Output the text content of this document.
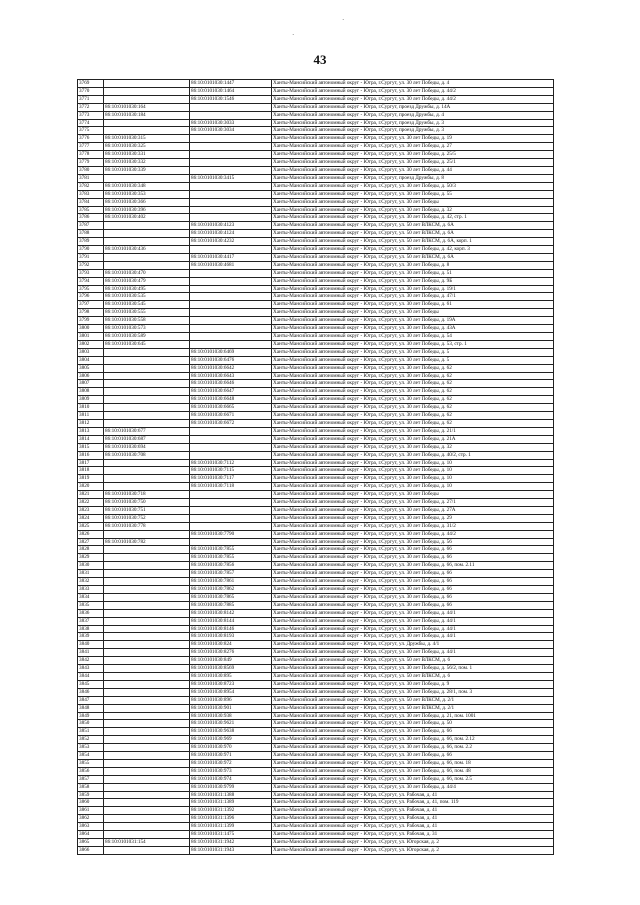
43
·
·
3769		86:10:0101030:1447	Ханты-Мансийский автономный округ - Югра, г.Сургут, ул. 30 лет Победы, д. 4
3770		86:10:0101030:1464	Ханты-Мансийский автономный округ - Югра, г.Сургут, ул. 30 лет Победы, д. 44/2
3771		86:10:0101030:1546	Ханты-Мансийский автономный округ - Югра, г.Сургут, ул. 30 лет Победы, д. 44/2
3772	86:10:0101030:164		Ханты-Мансийский автономный округ - Югра, г.Сургут, проезд Дружбы, д. 14А
3773	86:10:0101030:184		Ханты-Мансийский автономный округ - Югра, г.Сургут, проезд Дружбы, д. 4
3774		86:10:0101030:3033	Ханты-Мансийский автономный округ - Югра, г.Сургут, проезд Дружбы, д. 3
3775		86:10:0101030:3034	Ханты-Мансийский автономный округ - Югра, г.Сургут, проезд Дружбы, д. 3
3776	86:10:0101030:315		Ханты-Мансийский автономный округ - Югра, г.Сургут, ул. 30 лет Победы, д. 19
3777	86:10:0101030:325		Ханты-Мансийский автономный округ - Югра, г.Сургут, ул. 30 лет Победы, д. 27
3778	86:10:0101030:331		Ханты-Мансийский автономный округ - Югра, г.Сургут, ул. 30 лет Победы, д. 25/5
3779	86:10:0101030:332		Ханты-Мансийский автономный округ - Югра, г.Сургут, ул. 30 лет Победы, д. 25/1
3780	86:10:0101030:339		Ханты-Мансийский автономный округ - Югра, г.Сургут, ул. 30 лет Победы, д. 44
3781		86:10:0101030:3415	Ханты-Мансийский автономный округ - Югра, г.Сургут, проезд Дружбы, д. 8
3782	86:10:0101030:348		Ханты-Мансийский автономный округ - Югра, г.Сургут, ул. 30 лет Победы, д. 50/3
3783	86:10:0101030:353		Ханты-Мансийский автономный округ - Югра, г.Сургут, ул. 30 лет Победы, д. 55
3784	86:10:0101030:366		Ханты-Мансийский автономный округ - Югра, г.Сургут, ул. 30 лет Победы
3785	86:10:0101030:396		Ханты-Мансийский автономный округ - Югра, г.Сургут, ул. 30 лет Победы, д. 32
3786	86:10:0101030:402		Ханты-Мансийский автономный округ - Югра, г.Сургут, ул. 30 лет Победы, д. 42, стр. 1
3787		86:10:0101030:4123	Ханты-Мансийский автономный округ - Югра, г.Сургут, ул. 50 лет ВЛКСМ, д. 6А
3788		86:10:0101030:4124	Ханты-Мансийский автономный округ - Югра, г.Сургут, ул. 50 лет ВЛКСМ, д. 6А
3789		86:10:0101030:4232	Ханты-Мансийский автономный округ - Югра, г.Сургут, ул. 50 лет ВЛКСМ, д. 6А, корп. 1
3790	86:10:0101030:436		Ханты-Мансийский автономный округ - Югра, г.Сургут, ул. 30 лет Победы, д. 42, корп. 3
3791		86:10:0101030:4417	Ханты-Мансийский автономный округ - Югра, г.Сургут, ул. 50 лет ВЛКСМ, д. 6А
3792		86:10:0101030:4681	Ханты-Мансийский автономный округ - Югра, г.Сургут, ул. 30 лет Победы, д. 8
3793	86:10:0101030:470		Ханты-Мансийский автономный округ - Югра, г.Сургут, ул. 30 лет Победы, д. 51
3794	86:10:0101030:479		Ханты-Мансийский автономный округ - Югра, г.Сургут, ул. 30 лет Победы, д. 9Б
3795	86:10:0101030:495		Ханты-Мансийский автономный округ - Югра, г.Сургут, ул. 30 лет Победы, д. 19/1
3796	86:10:0101030:535		Ханты-Мансийский автономный округ - Югра, г.Сургут, ул. 30 лет Победы, д. 47/1
3797	86:10:0101030:545		Ханты-Мансийский автономный округ - Югра, г.Сургут, ул. 30 лет Победы, д. 61
3798	86:10:0101030:555		Ханты-Мансийский автономный округ - Югра, г.Сургут, ул. 30 лет Победы
3799	86:10:0101030:558		Ханты-Мансийский автономный округ - Югра, г.Сургут, ул. 30 лет Победы, д. 19А
3800	86:10:0101030:573		Ханты-Мансийский автономный округ - Югра, г.Сургут, ул. 30 лет Победы, д. 43А
3801	86:10:0101030:589		Ханты-Мансийский автономный округ - Югра, г.Сургут, ул. 30 лет Победы, д. 54
3802	86:10:0101030:645		Ханты-Мансийский автономный округ - Югра, г.Сургут, ул. 30 лет Победы, д. 53, стр. 1
3803		86:10:0101030:6469	Ханты-Мансийский автономный округ - Югра, г.Сургут, ул. 30 лет Победы, д. 5
3804		86:10:0101030:6476	Ханты-Мансийский автономный округ - Югра, г.Сургут, ул. 30 лет Победы, д. 5
3805		86:10:0101030:6642	Ханты-Мансийский автономный округ - Югра, г.Сургут, ул. 30 лет Победы, д. 62
3806		86:10:0101030:6643	Ханты-Мансийский автономный округ - Югра, г.Сургут, ул. 30 лет Победы, д. 62
3807		86:10:0101030:6646	Ханты-Мансийский автономный округ - Югра, г.Сургут, ул. 30 лет Победы, д. 62
3808		86:10:0101030:6647	Ханты-Мансийский автономный округ - Югра, г.Сургут, ул. 30 лет Победы, д. 62
3809		86:10:0101030:6648	Ханты-Мансийский автономный округ - Югра, г.Сургут, ул. 30 лет Победы, д. 62
3810		86:10:0101030:6665	Ханты-Мансийский автономный округ - Югра, г.Сургут, ул. 30 лет Победы, д. 62
3811		86:10:0101030:6671	Ханты-Мансийский автономный округ - Югра, г.Сургут, ул. 30 лет Победы, д. 62
3812		86:10:0101030:6672	Ханты-Мансийский автономный округ - Югра, г.Сургут, ул. 30 лет Победы, д. 62
3813	86:10:0101030:677		Ханты-Мансийский автономный округ - Югра, г.Сургут, ул. 30 лет Победы, д. 21/1
3814	86:10:0101030:687		Ханты-Мансийский автономный округ - Югра, г.Сургут, ул. 30 лет Победы, д. 21А
3815	86:10:0101030:694		Ханты-Мансийский автономный округ - Югра, г.Сургут, ул. 30 лет Победы, д. 32
3816	86:10:0101030:708		Ханты-Мансийский автономный округ - Югра, г.Сургут, ул. 30 лет Победы, д. 40/2, стр. 1
3817		86:10:0101030:7112	Ханты-Мансийский автономный округ - Югра, г.Сургут, ул. 30 лет Победы, д. 10
3818		86:10:0101030:7115	Ханты-Мансийский автономный округ - Югра, г.Сургут, ул. 30 лет Победы, д. 10
3819		86:10:0101030:7117	Ханты-Мансийский автономный округ - Югра, г.Сургут, ул. 30 лет Победы, д. 10
3820		86:10:0101030:7118	Ханты-Мансийский автономный округ - Югра, г.Сургут, ул. 30 лет Победы, д. 10
3821	86:10:0101030:718		Ханты-Мансийский автономный округ - Югра, г.Сургут, ул. 30 лет Победы
3822	86:10:0101030:750		Ханты-Мансийский автономный округ - Югра, г.Сургут, ул. 30 лет Победы, д. 27/1
3823	86:10:0101030:751		Ханты-Мансийский автономный округ - Югра, г.Сургут, ул. 30 лет Победы, д. 27А
3824	86:10:0101030:752		Ханты-Мансийский автономный округ - Югра, г.Сургут, ул. 30 лет Победы, д. 29
3825	86:10:0101030:778		Ханты-Мансийский автономный округ - Югра, г.Сургут, ул. 30 лет Победы, д. 31/2
3826		86:10:0101030:7790	Ханты-Мансийский автономный округ - Югра, г.Сургут, ул. 30 лет Победы, д. 44/2
3827	86:10:0101030:782		Ханты-Мансийский автономный округ - Югра, г.Сургут, ул. 30 лет Победы, д. 56
3828		86:10:0101030:7855	Ханты-Мансийский автономный округ - Югра, г.Сургут, ул. 30 лет Победы, д. 66
3829		86:10:0101030:7855	Ханты-Мансийский автономный округ - Югра, г.Сургут, ул. 30 лет Победы, д. 66
3830		86:10:0101030:7856	Ханты-Мансийский автономный округ - Югра, г.Сургут, ул. 30 лет Победы, д. 66, пом. 2.11
3831		86:10:0101030:7857	Ханты-Мансийский автономный округ - Югра, г.Сургут, ул. 30 лет Победы, д. 66
3832		86:10:0101030:7861	Ханты-Мансийский автономный округ - Югра, г.Сургут, ул. 30 лет Победы, д. 66
3833		86:10:0101030:7862	Ханты-Мансийский автономный округ - Югра, г.Сургут, ул. 30 лет Победы, д. 66
3834		86:10:0101030:7865	Ханты-Мансийский автономный округ - Югра, г.Сургут, ул. 30 лет Победы, д. 66
3835		86:10:0101030:7885	Ханты-Мансийский автономный округ - Югра, г.Сургут, ул. 30 лет Победы, д. 66
3836		86:10:0101030:8142	Ханты-Мансийский автономный округ - Югра, г.Сургут, ул. 30 лет Победы, д. 44/1
3837		86:10:0101030:8144	Ханты-Мансийский автономный округ - Югра, г.Сургут, ул. 30 лет Победы, д. 44/1
3838		86:10:0101030:8146	Ханты-Мансийский автономный округ - Югра, г.Сургут, ул. 30 лет Победы, д. 44/1
3839		86:10:0101030:8193	Ханты-Мансийский автономный округ - Югра, г.Сургут, ул. 30 лет Победы, д. 44/1
3840		86:10:0101030:824	Ханты-Мансийский автономный округ - Югра, г.Сургут, ул. Дружбы, д. 4/1
3841		86:10:0101030:8276	Ханты-Мансийский автономный округ - Югра, г.Сургут, ул. 30 лет Победы, д. 44/1
3842		86:10:0101030:849	Ханты-Мансийский автономный округ - Югра, г.Сургут, ул. 50 лет ВЛКСМ, д. 6
3843		86:10:0101030:8569	Ханты-Мансийский автономный округ - Югра, г.Сургут, ул. 30 лет Победы, д. 56/2, пом. 1
3844		86:10:0101030:895	Ханты-Мансийский автономный округ - Югра, г.Сургут, ул. 50 лет ВЛКСМ, д. 6
3845		86:10:0101030:8723	Ханты-Мансийский автономный округ - Югра, г.Сургут, ул. 30 лет Победы, д. 9
3846		86:10:0101030:8954	Ханты-Мансийский автономный округ - Югра, г.Сургут, ул. 30 лет Победы, д. 28/1, пом. 3
3847		86:10:0101030:896	Ханты-Мансийский автономный округ - Югра, г.Сургут, ул. 50 лет ВЛКСМ, д. 2/1
3848		86:10:0101030:901	Ханты-Мансийский автономный округ - Югра, г.Сургут, ул. 50 лет ВЛКСМ, д. 2/1
3849		86:10:0101030:938	Ханты-Мансийский автономный округ - Югра, г.Сургут, ул. 30 лет Победы, д. 21, пом. 1001
3850		86:10:0101030:9621	Ханты-Мансийский автономный округ - Югра, г.Сургут, ул. 30 лет Победы, д. 50
3851		86:10:0101030:9638	Ханты-Мансийский автономный округ - Югра, г.Сургут, ул. 30 лет Победы, д. 66
3852		86:10:0101030:969	Ханты-Мансийский автономный округ - Югра, г.Сургут, ул. 30 лет Победы, д. 66, пом. 2.12
3853		86:10:0101030:970	Ханты-Мансийский автономный округ - Югра, г.Сургут, ул. 30 лет Победы, д. 66, пом. 2.2
3854		86:10:0101030:971	Ханты-Мансийский автономный округ - Югра, г.Сургут, ул. 30 лет Победы, д. 66
3855		86:10:0101030:972	Ханты-Мансийский автономный округ - Югра, г.Сургут, ул. 30 лет Победы, д. 66, пом. 18
3856		86:10:0101030:973	Ханты-Мансийский автономный округ - Югра, г.Сургут, ул. 30 лет Победы, д. 66, пом. 48
3857		86:10:0101030:974	Ханты-Мансийский автономный округ - Югра, г.Сургут, ул. 30 лет Победы, д. 66, пом. 2.5
3858		86:10:0101030:9799	Ханты-Мансийский автономный округ - Югра, г.Сургут, ул. 30 лет Победы, д. 44/4
3859		86:10:0101031:1388	Ханты-Мансийский автономный округ - Югра, г.Сургут, ул. Рабочая, д. 41
3860		86:10:0101031:1389	Ханты-Мансийский автономный округ - Югра, г.Сургут, ул. Рабочая, д. 41, пом. 119
3861		86:10:0101031:1392	Ханты-Мансийский автономный округ - Югра, г.Сургут, ул. Рабочая, д. 41
3862		86:10:0101031:1396	Ханты-Мансийский автономный округ - Югра, г.Сургут, ул. Рабочая, д. 41
3863		86:10:0101031:1399	Ханты-Мансийский автономный округ - Югра, г.Сургут, ул. Рабочая, д. 41
3864		86:10:0101031:1475	Ханты-Мансийский автономный округ - Югра, г.Сургут, ул. Рабочая, д. 31
3865	86:10:0101031:154	86:10:0101031:1942	Ханты-Мансийский автономный округ - Югра, г.Сургут, ул. Югорская, д. 2
3866		86:10:0101031:1943	Ханты-Мансийский автономный округ - Югра, г.Сургут, ул. Югорская, д. 2
